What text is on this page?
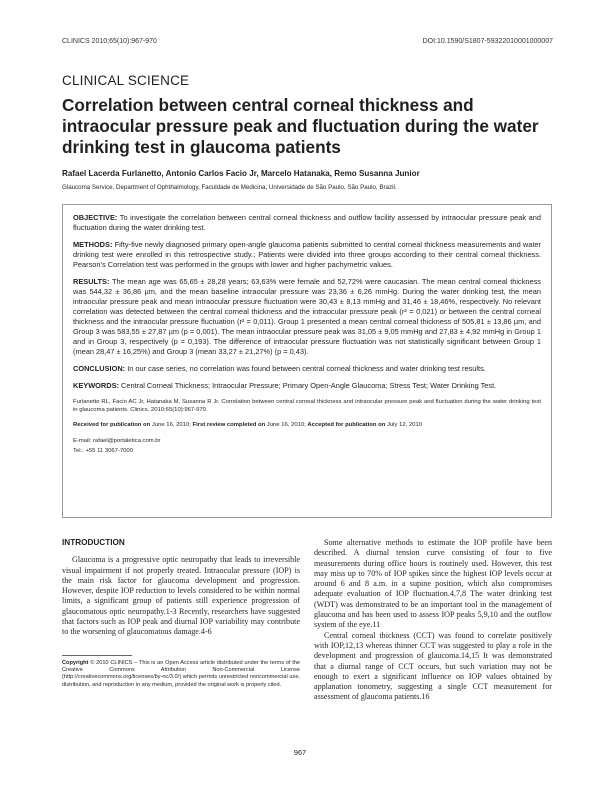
CLINICS 2010;65(10):967-970	DOI:10.1590/S1807-59322010001000007
CLINICAL SCIENCE
Correlation between central corneal thickness and intraocular pressure peak and fluctuation during the water drinking test in glaucoma patients
Rafael Lacerda Furlanetto, Antonio Carlos Facio Jr, Marcelo Hatanaka, Remo Susanna Junior
Glaucoma Service, Department of Ophthalmology, Faculdade de Medicina, Universidade de São Paulo, São Paulo, Brazil.

OBJECTIVE: To investigate the correlation between central corneal thickness and outflow facility assessed by intraocular pressure peak and fluctuation during the water drinking test.

METHODS: Fifty-five newly diagnosed primary open-angle glaucoma patients submitted to central corneal thickness measurements and water drinking test were enrolled in this retrospective study.; Patients were divided into three groups according to their central corneal thickness. Pearson’s Correlation test was performed in the groups with lower and higher pachymetric values.

RESULTS: The mean age was 65,65 ± 28,28 years; 63,63% were female and 52,72% were caucasian. The mean central corneal thickness was 544,32 ± 36,86 µm, and the mean baseline intraocular pressure was 23,36 ± 6,26 mmHg. During the water drinking test, the mean intraocular pressure peak and mean intraocular pressure fluctuation were 30,43 ± 8,13 mmHg and 31,46 ± 18,46%, respectively. No relevant correlation was detected between the central corneal thickness and the intraocular pressure peak (r² = 0,021) or between the central corneal thickness and the intraocular pressure fluctuation (r² = 0,011). Group 1 presented a mean central corneal thickness of 505,81 ± 13,86 µm, and Group 3 was 583,55 ± 27,87 µm (p = 0,001). The mean intraocular pressure peak was 31,05 ± 9,05 mmHg and 27,83 ± 4,92 mmHg in Group 1 and in Group 3, respectively (p = 0,193). The difference of intraocular pressure fluctuation was not statistically significant between Group 1 (mean 28,47 ± 16,25%) and Group 3 (mean 33,27 ± 21,27%) (p = 0,43).

CONCLUSION: In our case series, no correlation was found between central corneal thickness and water drinking test results.

KEYWORDS: Central Corneal Thickness; Intraocular Pressure; Primary Open-Angle Glaucoma; Stress Test; Water Drinking Test.

Furlanetto RL, Facio AC Jr, Hatanaka M, Susanna R Jr. Correlation between central corneal thickness and intraocular pressure peak and fluctuation during the water drinking test in glaucoma patients. Clinics. 2010;65(10):967-970.

Received for publication on June 16, 2010; First review completed on June 16, 2010; Accepted for publication on July 12, 2010

E-mail: rafael@portaletica.com.br
Tel.: +55 11 3067-7000
INTRODUCTION

Glaucoma is a progressive optic neuropathy that leads to irreversible visual impairment if not properly treated. Intraocular pressure (IOP) is the main risk factor for glaucoma development and progression. However, despite IOP reduction to levels considered to be within normal limits, a significant group of patients still experience progression of glaucomatous optic neuropathy.1-3 Recently, researchers have suggested that factors such as IOP peak and diurnal IOP variability may contribute to the worsening of glaucomatous damage.4-6

Copyright © 2010 CLINICS – This is an Open Access article distributed under the terms of the Creative Commons Attribution Non-Commercial License (http://creativecommons.org/licenses/by-nc/3.0/) which permits unrestricted noncommercial use, distribution, and reproduction in any medium, provided the original work is properly cited.

Some alternative methods to estimate the IOP profile have been described. A diurnal tension curve consisting of four to five measurements during office hours is routinely used. However, this test may miss up to 70% of IOP spikes since the highest IOP levels occur at around 6 and 8 a.m. in a supine position, which also compromises adequate evaluation of IOP fluctuation.4,7,8 The water drinking test (WDT) was demonstrated to be an important tool in the management of glaucoma and has been used to assess IOP peaks 5,9,10 and the outflow system of the eye.11

Central corneal thickness (CCT) was found to correlate positively with IOP,12,13 whereas thinner CCT was suggested to play a role in the development and progression of glaucoma.14,15 It was demonstrated that a diurnal range of CCT occurs, but such variation may not be enough to exert a significant influence on IOP values obtained by applanation tonometry, suggesting a single CCT measurement for assessment of glaucoma patients.16

967
